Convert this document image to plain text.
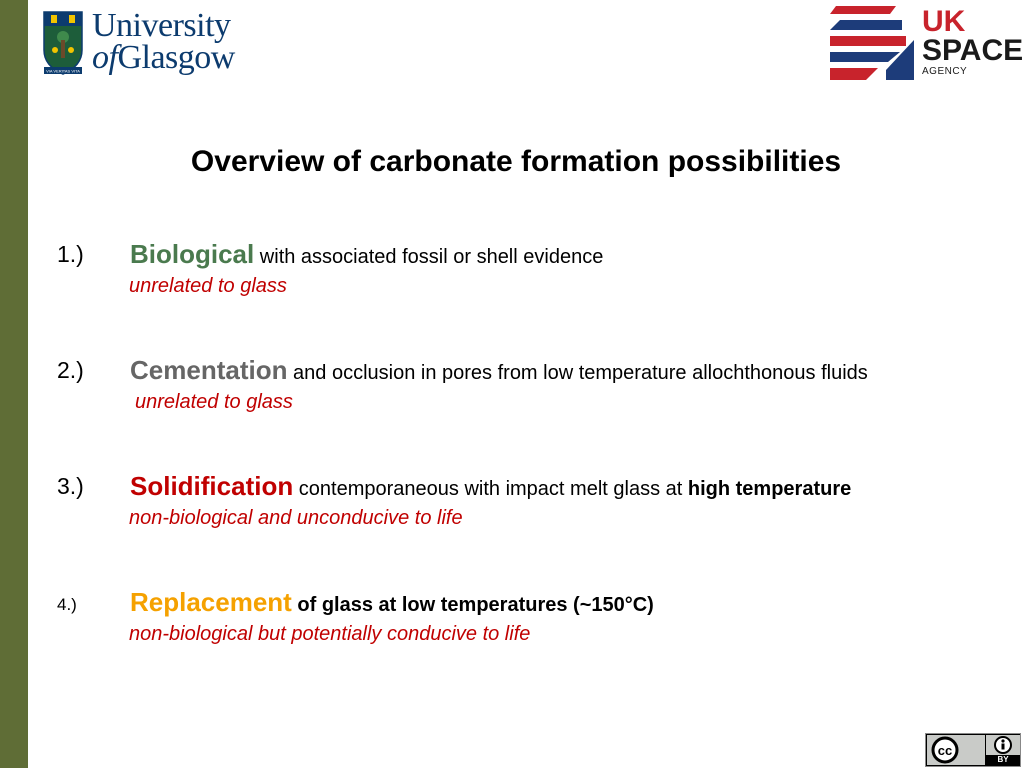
VIA VERITAS VITA
University
ofGlasgow
UK
SPACE
AGENCY
Overview of carbonate formation possibilities
1.) Biological with associated fossil or shell evidence
unrelated to glass
2.) Cementation and occlusion in pores from low temperature allochthonous fluids
unrelated to glass
3.) Solidification contemporaneous with impact melt glass at high temperature
non-biological and unconducive to life
4.) Replacement of glass at low temperatures (~150°C)
non-biological but potentially conducive to life
cc
BY
